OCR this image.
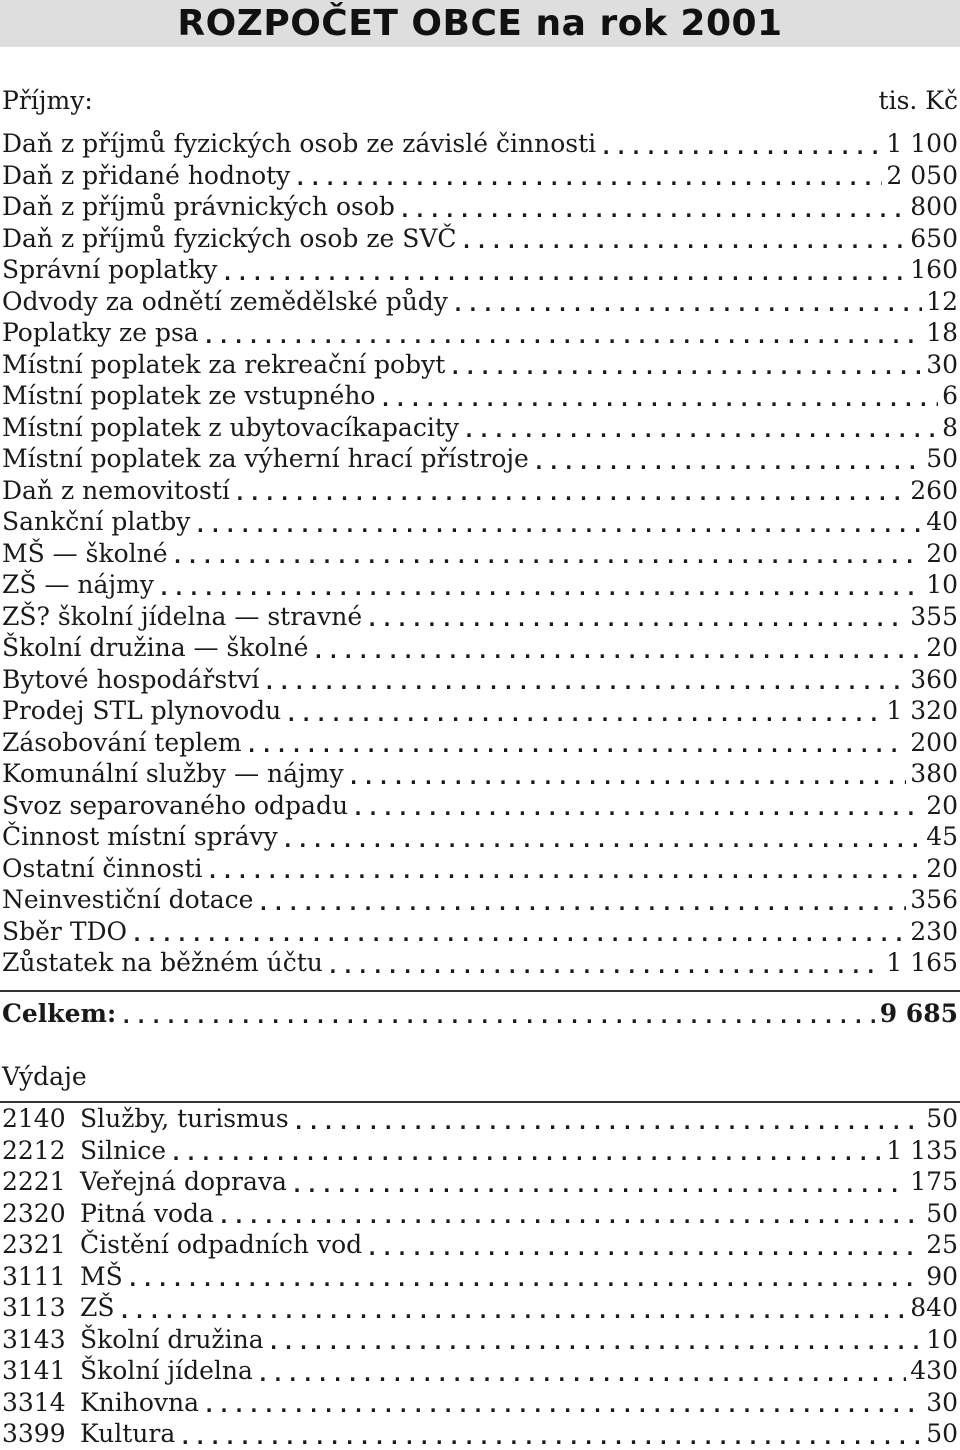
ROZPOČET OBCE na rok 2001
Příjmy:	tis. Kč
Daň z příjmů fyzických osob ze závislé činnosti .....	1 100
Daň z přidané hodnoty .....	2 050
Daň z příjmů právnických osob .....	800
Daň z příjmů fyzických osob ze SVČ .....	650
Správní poplatky .....	160
Odvody za odnětí zemědělské půdy .....	12
Poplatky ze psa .....	18
Místní poplatek za rekreační pobyt .....	30
Místní poplatek ze vstupného .....	6
Místní poplatek z ubytovacíkapacity .....	8
Místní poplatek za výherní hrací přístroje .....	50
Daň z nemovitostí .....	260
Sankční platby .....	40
MŠ — školné .....	20
ZŠ — nájmy .....	10
ZŠ? školní jídelna — stravné .....	355
Školní družina — školné .....	20
Bytové hospodářství .....	360
Prodej STL plynovodu .....	1 320
Zásobování teplem .....	200
Komunální služby — nájmy .....	380
Svoz separovaného odpadu .....	20
Činnost místní správy .....	45
Ostatní činnosti .....	20
Neinvestiční dotace .....	356
Sběr TDO .....	230
Zůstatek na běžném účtu .....	1 165
Celkem: .....	9 685
Výdaje
2140 Služby, turismus .....	50
2212 Silnice .....	1 135
2221 Veřejná doprava .....	175
2320 Pitná voda .....	50
2321 Čistění odpadních vod .....	25
3111 MŠ .....	90
3113 ZŠ .....	840
3143 Školní družina .....	10
3141 Školní jídelna .....	430
3314 Knihovna .....	30
3399 Kultura .....	50
